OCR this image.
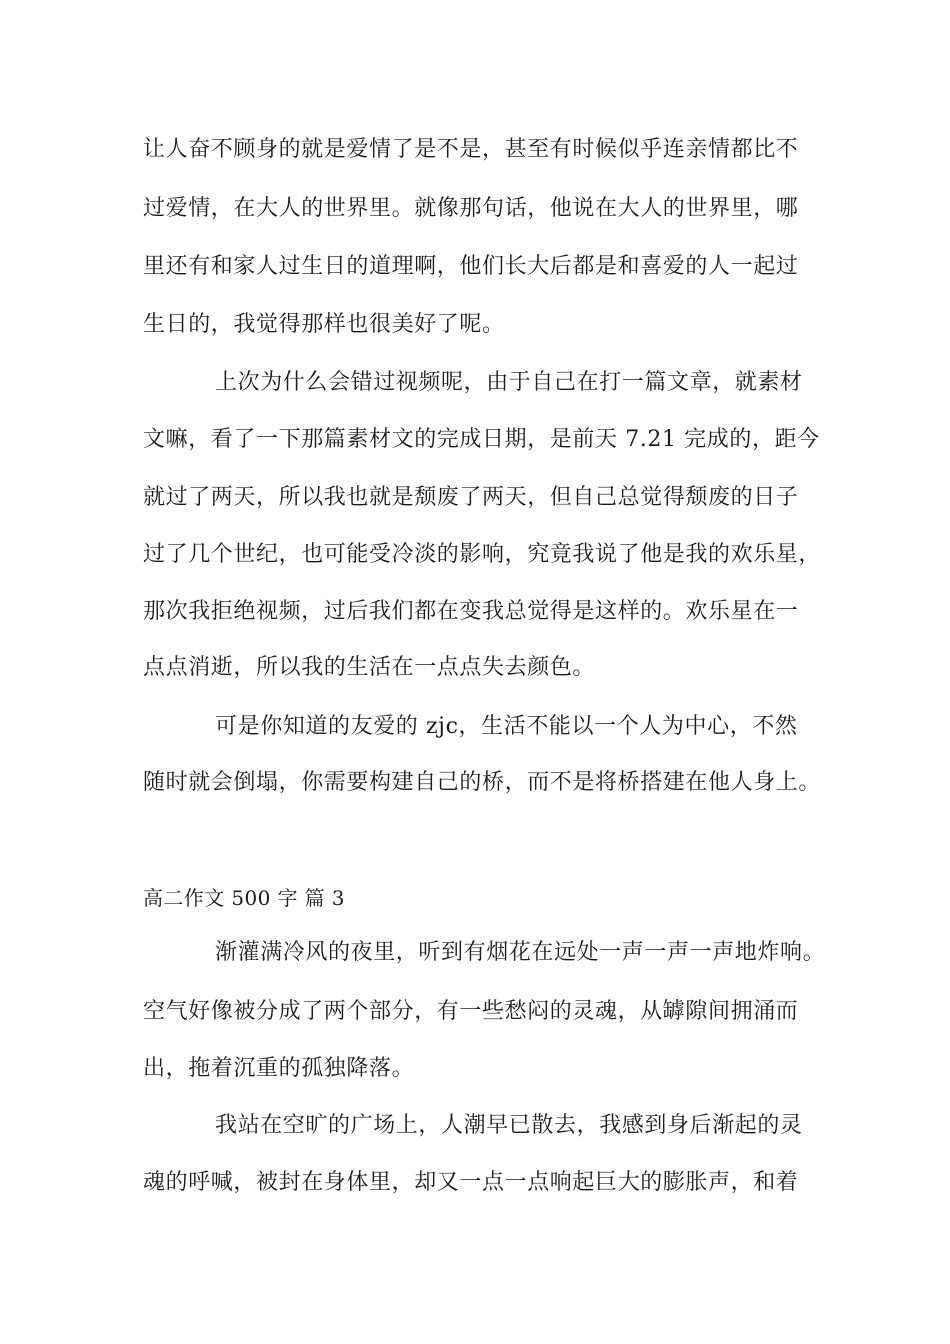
让人奋不顾身的就是爱情了是不是，甚至有时候似乎连亲情都比不
过爱情，在大人的世界里。就像那句话，他说在大人的世界里，哪
里还有和家人过生日的道理啊，他们长大后都是和喜爱的人一起过
生日的，我觉得那样也很美好了呢。
上次为什么会错过视频呢，由于自己在打一篇文章，就素材
文嘛，看了一下那篇素材文的完成日期，是前天 7.21 完成的，距今
就过了两天，所以我也就是颓废了两天，但自己总觉得颓废的日子
过了几个世纪，也可能受冷淡的影响，究竟我说了他是我的欢乐星，
那次我拒绝视频，过后我们都在变我总觉得是这样的。欢乐星在一
点点消逝，所以我的生活在一点点失去颜色。
可是你知道的友爱的 zjc，生活不能以一个人为中心，不然
随时就会倒塌，你需要构建自己的桥，而不是将桥搭建在他人身上。
高二作文 500 字 篇 3
渐灌满冷风的夜里，听到有烟花在远处一声一声一声地炸响。
空气好像被分成了两个部分，有一些愁闷的灵魂，从罅隙间拥涌而
出，拖着沉重的孤独降落。
我站在空旷的广场上，人潮早已散去，我感到身后渐起的灵
魂的呼喊，被封在身体里，却又一点一点响起巨大的膨胀声，和着
